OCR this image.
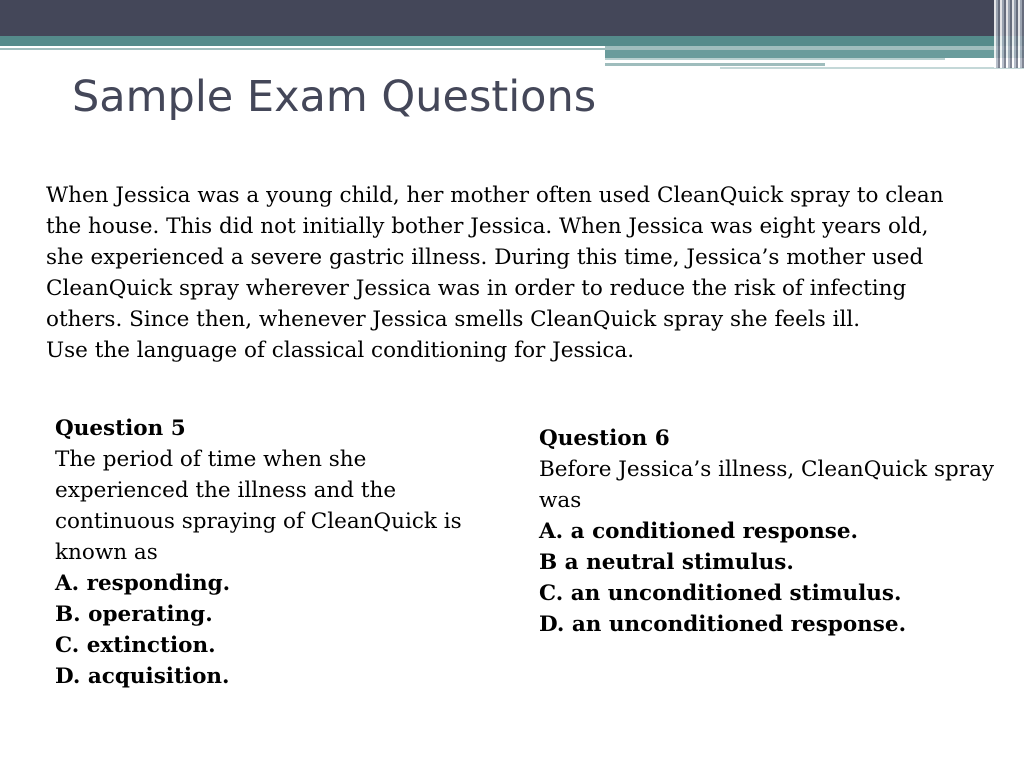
Sample Exam Questions

When Jessica was a young child, her mother often used CleanQuick spray to clean the house. This did not initially bother Jessica. When Jessica was eight years old, she experienced a severe gastric illness. During this time, Jessica’s mother used CleanQuick spray wherever Jessica was in order to reduce the risk of infecting others. Since then, whenever Jessica smells CleanQuick spray she feels ill.

Use the language of classical conditioning for Jessica.

Question 5
The period of time when she experienced the illness and the continuous spraying of CleanQuick is known as
A. responding.
B. operating.
C. extinction.
D. acquisition.
Question 6
Before Jessica’s illness, CleanQuick spray was
A. a conditioned response.
B a neutral stimulus.
C. an unconditioned stimulus.
D. an unconditioned response.
